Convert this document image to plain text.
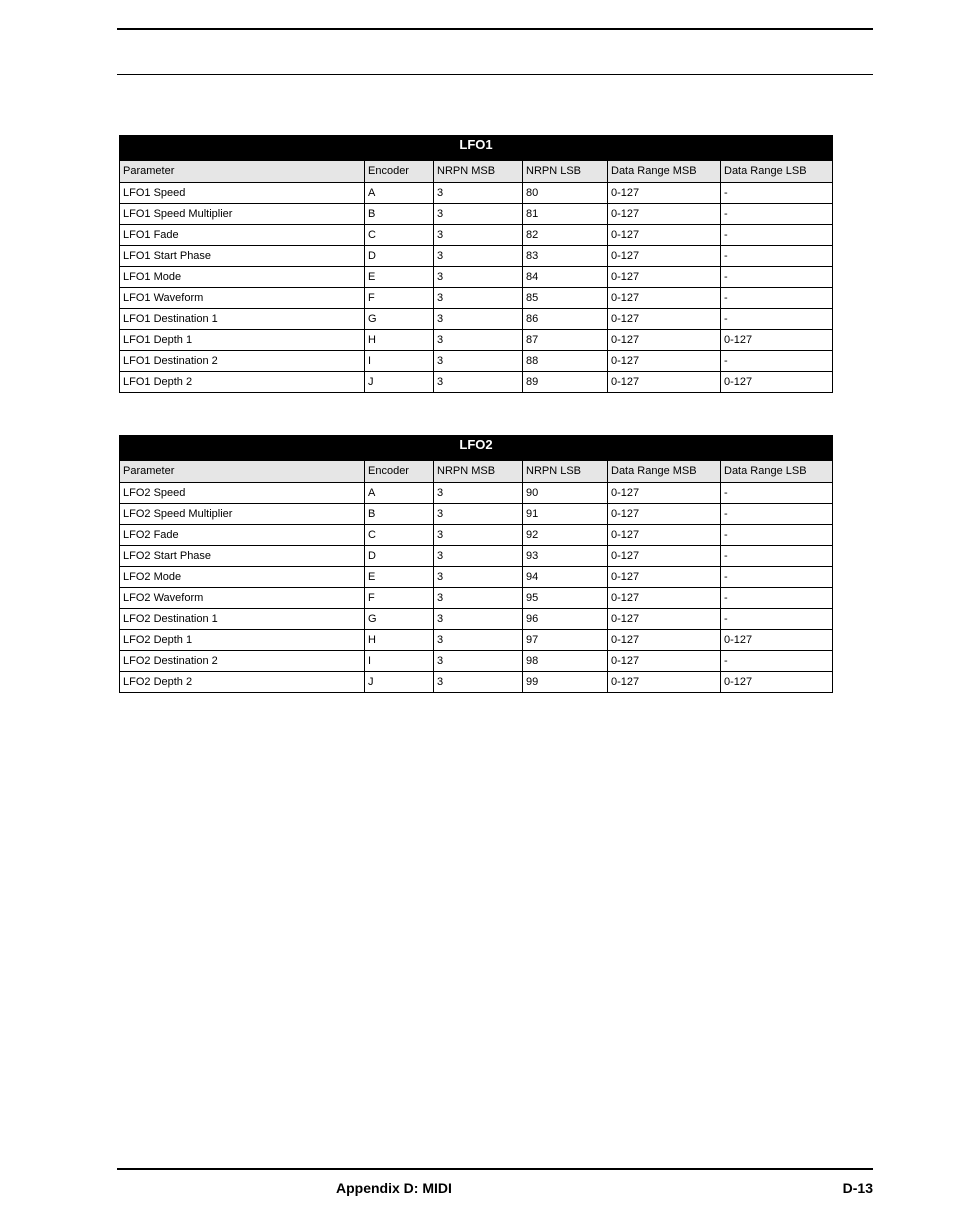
LFO1					
Parameter	Encoder	NRPN MSB	NRPN LSB	Data Range MSB	Data Range LSB
LFO1 Speed	A	3	80	0-127	-
LFO1 Speed Multiplier	B	3	81	0-127	-
LFO1 Fade	C	3	82	0-127	-
LFO1 Start Phase	D	3	83	0-127	-
LFO1 Mode	E	3	84	0-127	-
LFO1 Waveform	F	3	85	0-127	-
LFO1 Destination 1	G	3	86	0-127	-
LFO1 Depth 1	H	3	87	0-127	0-127
LFO1 Destination 2	I	3	88	0-127	-
LFO1 Depth 2	J	3	89	0-127	0-127
LFO2					
Parameter	Encoder	NRPN MSB	NRPN LSB	Data Range MSB	Data Range LSB
LFO2 Speed	A	3	90	0-127	-
LFO2 Speed Multiplier	B	3	91	0-127	-
LFO2 Fade	C	3	92	0-127	-
LFO2 Start Phase	D	3	93	0-127	-
LFO2 Mode	E	3	94	0-127	-
LFO2 Waveform	F	3	95	0-127	-
LFO2 Destination 1	G	3	96	0-127	-
LFO2 Depth 1	H	3	97	0-127	0-127
LFO2 Destination 2	I	3	98	0-127	-
LFO2 Depth 2	J	3	99	0-127	0-127
Appendix D: MIDI	D-13
